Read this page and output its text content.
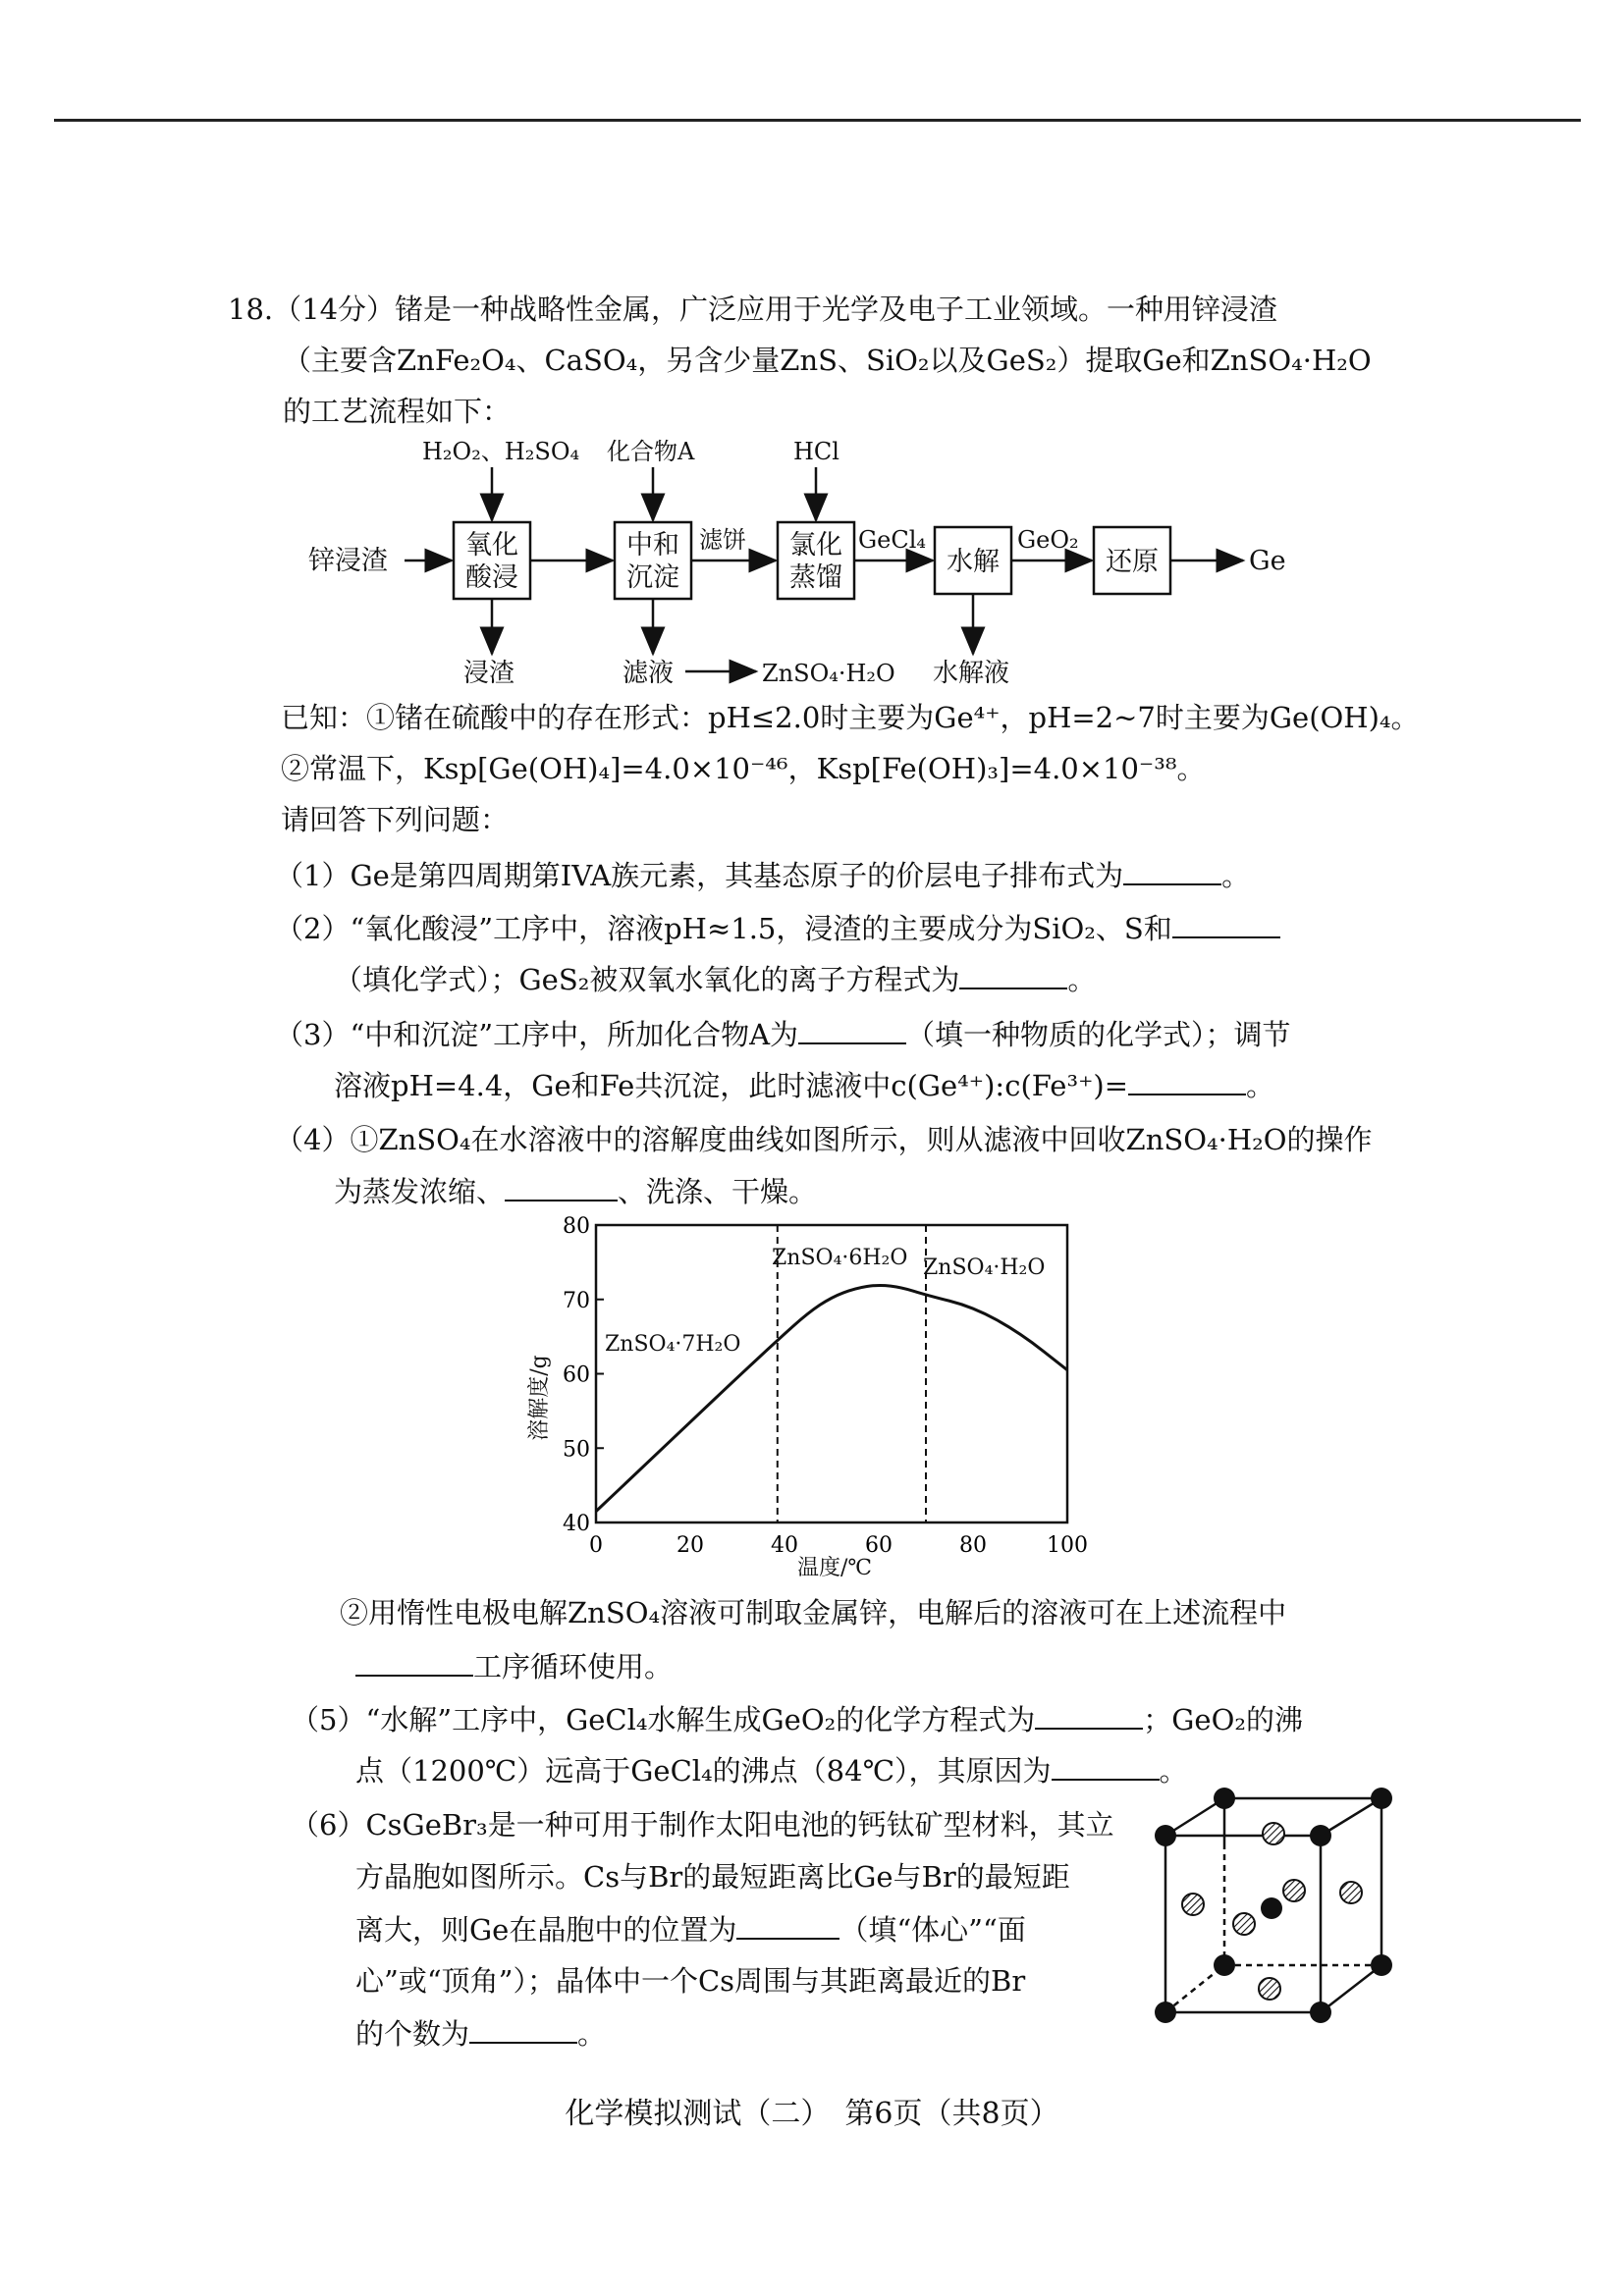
18.（14分）锗是一种战略性金属，广泛应用于光学及电子工业领域。一种用锌浸渣
（主要含ZnFe₂O₄、CaSO₄，另含少量ZnS、SiO₂以及GeS₂）提取Ge和ZnSO₄·H₂O
的工艺流程如下：
H₂O₂、H₂SO₄ 化合物A	HCl
锌浸渣
氧化
酸浸
中和
沉淀
氯化
蒸馏
水解	还原
滤饼	GeCl₄	GeO₂
Ge
浸渣	滤液	ZnSO₄·H₂O 水解液
已知：①锗在硫酸中的存在形式：pH≤2.0时主要为Ge⁴⁺，pH=2~7时主要为Ge(OH)₄。
②常温下，Ksp[Ge(OH)₄]=4.0×10⁻⁴⁶，Ksp[Fe(OH)₃]=4.0×10⁻³⁸。
请回答下列问题：
（1）Ge是第四周期第IVA族元素，其基态原子的价层电子排布式为	。
（2）“氧化酸浸”工序中，溶液pH≈1.5，浸渣的主要成分为SiO₂、S和
（填化学式）；GeS₂被双氧水氧化的离子方程式为	。
（3）“中和沉淀”工序中，所加化合物A为	（填一种物质的化学式）；调节
溶液pH=4.4，Ge和Fe共沉淀，此时滤液中c(Ge⁴⁺):c(Fe³⁺)=	。
（4）①ZnSO₄在水溶液中的溶解度曲线如图所示，则从滤液中回收ZnSO₄·H₂O的操作
为蒸发浓缩、	、洗涤、干燥。
0	20	40	60	80	100
40
50
60
70
80
溶解度/g
温度/℃
ZnSO₄·7H₂O
ZnSO₄·6H₂O ZnSO₄·H₂O
②用惰性电极电解ZnSO₄溶液可制取金属锌，电解后的溶液可在上述流程中
工序循环使用。
（5）“水解”工序中，GeCl₄水解生成GeO₂的化学方程式为	；GeO₂的沸
点（1200℃）远高于GeCl₄的沸点（84℃），其原因为	。
（6）CsGeBr₃是一种可用于制作太阳电池的钙钛矿型材料，其立
方晶胞如图所示。Cs与Br的最短距离比Ge与Br的最短距
离大，则Ge在晶胞中的位置为	（填“体心”“面
心”或“顶角”）；晶体中一个Cs周围与其距离最近的Br
的个数为	。
化学模拟测试（二）　第6页（共8页）
